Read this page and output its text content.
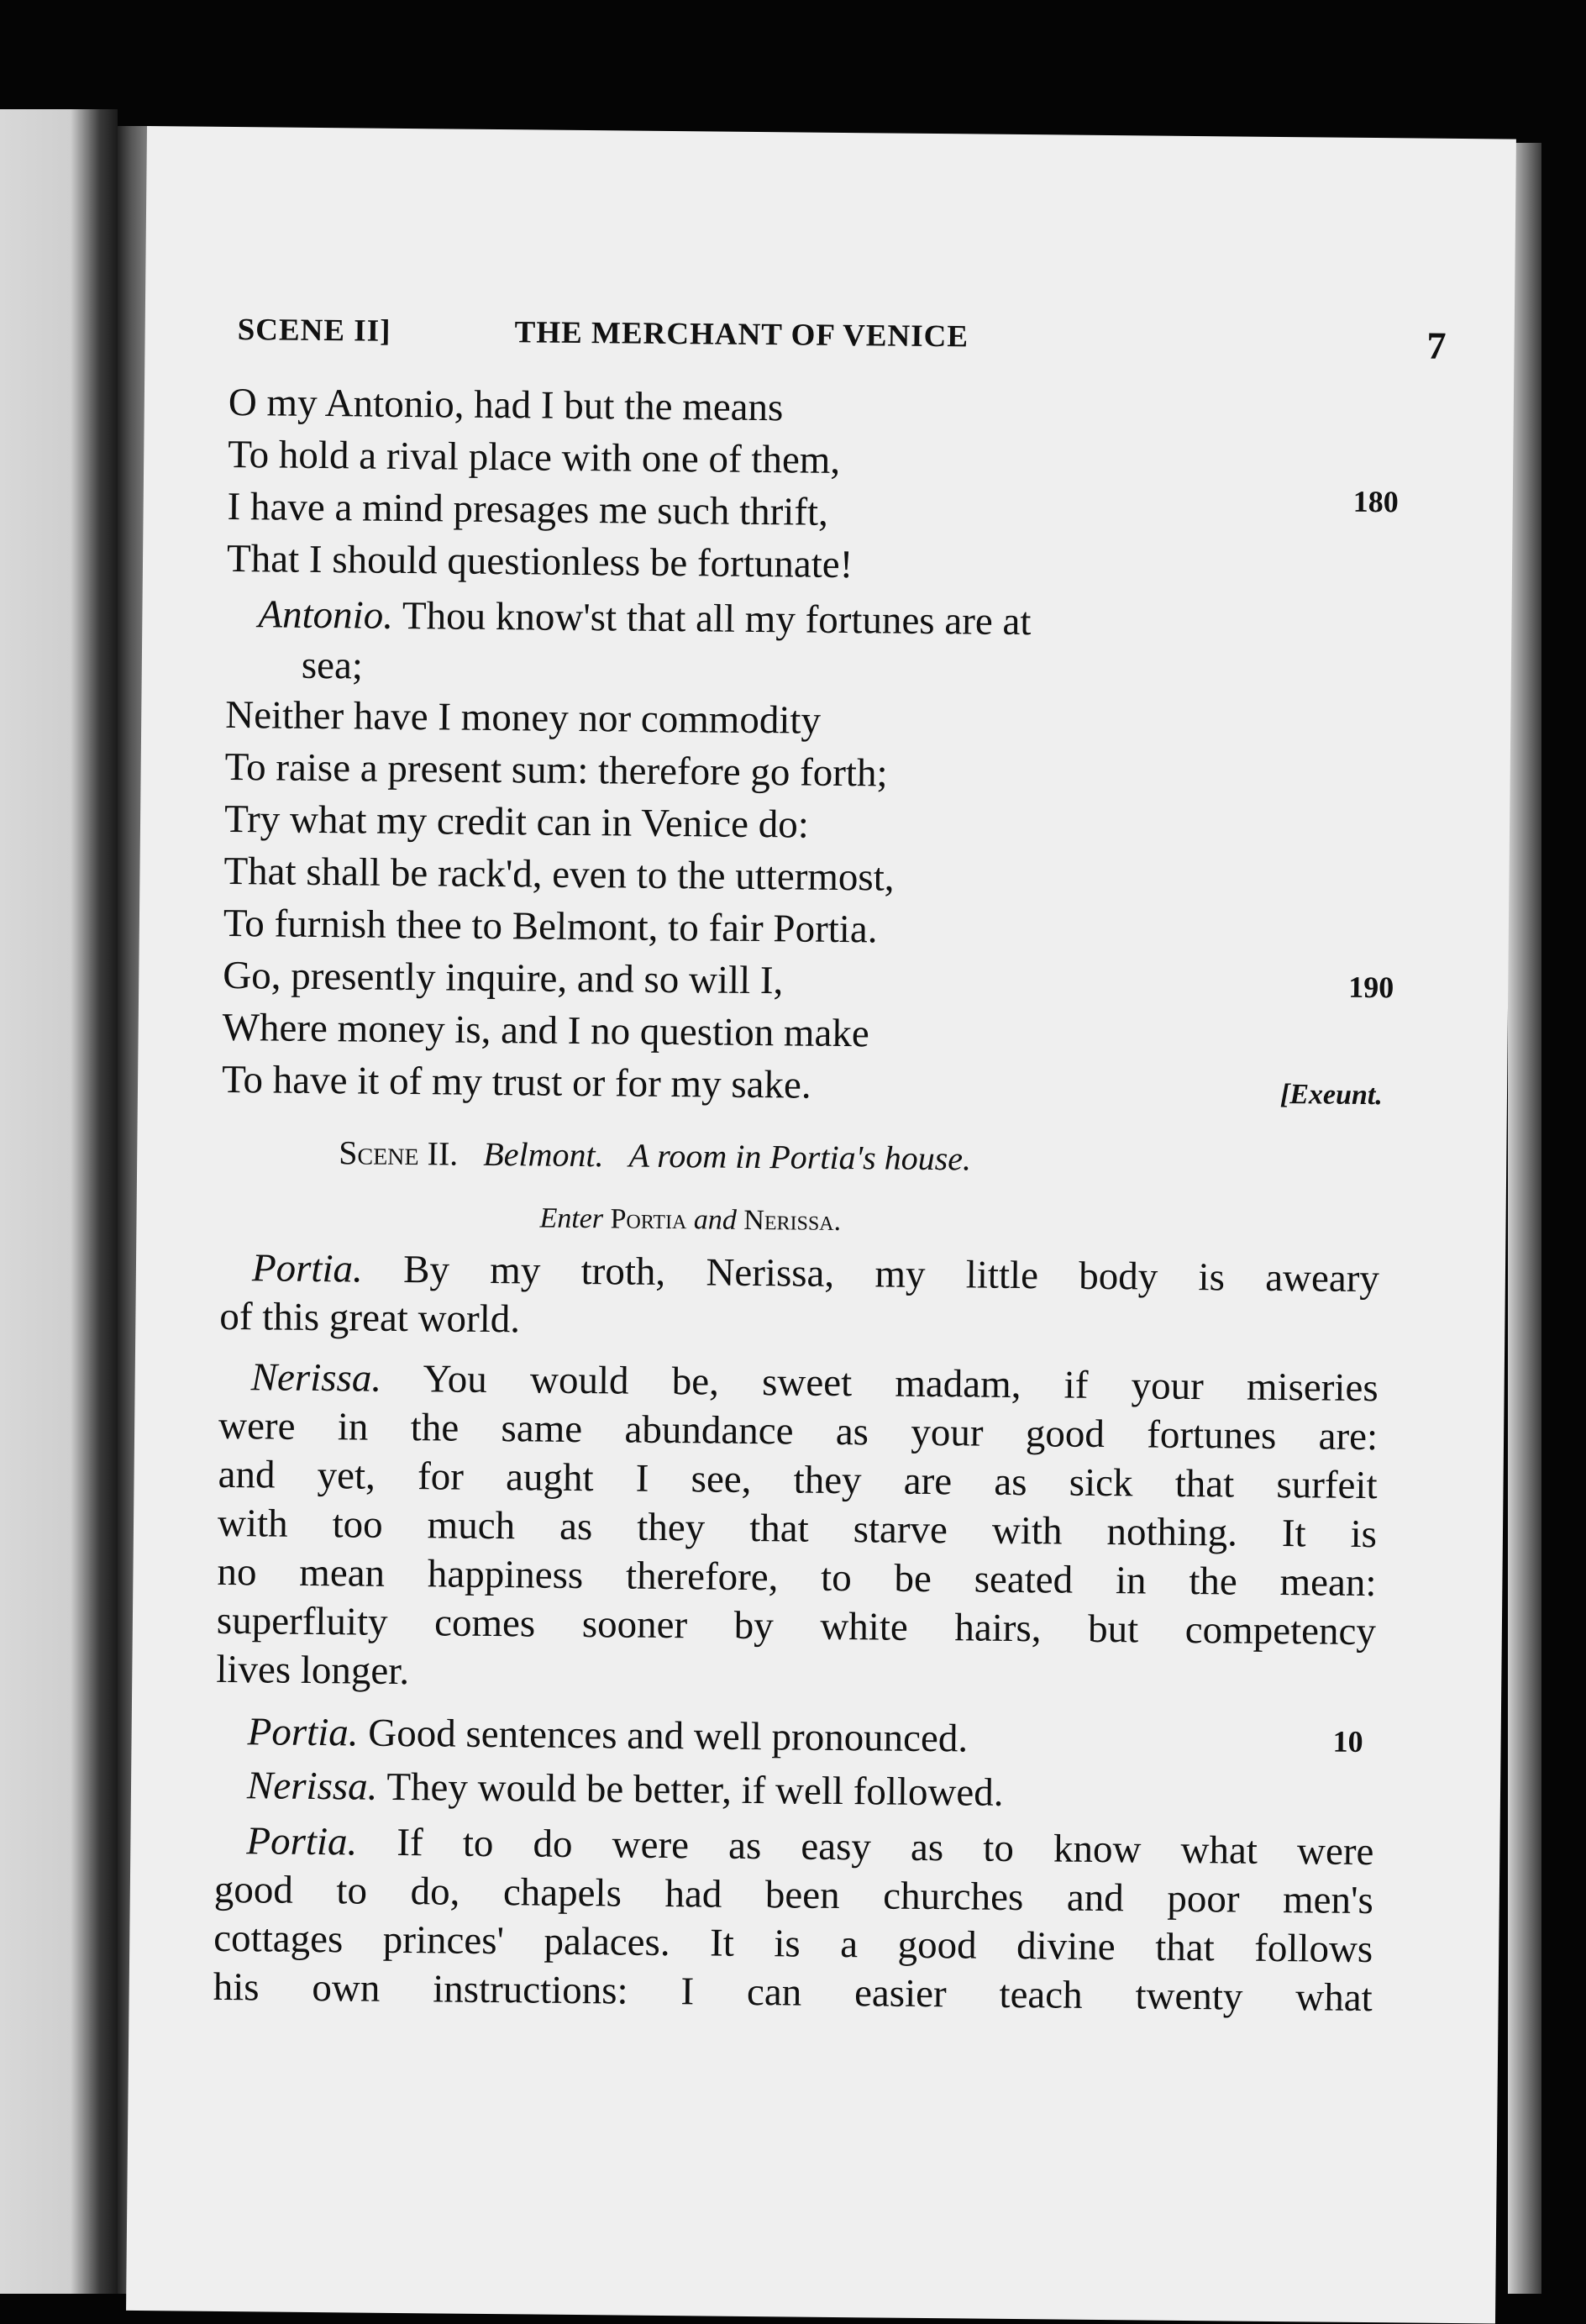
SCENE II]	THE MERCHANT OF VENICE	7
O my Antonio, had I but the means
To hold a rival place with one of them,
180
I have a mind presages me such thrift,
That I should questionless be fortunate!
Antonio. Thou know'st that all my fortunes are at
sea;
Neither have I money nor commodity
To raise a present sum: therefore go forth;
Try what my credit can in Venice do:
That shall be rack'd, even to the uttermost,
To furnish thee to Belmont, to fair Portia.
Go, presently inquire, and so will I,	190
Where money is, and I no question make
To have it of my trust or for my sake.	[Exeunt.
Scene II. Belmont. A room in Portia's house.
Enter Portia and Nerissa.
Portia. By my troth, Nerissa, my little body is aweary
of this great world.
Nerissa. You would be, sweet madam, if your miseries
were in the same abundance as your good fortunes are:
and yet, for aught I see, they are as sick that surfeit
with too much as they that starve with nothing. It is
no mean happiness therefore, to be seated in the mean:
superfluity comes sooner by white hairs, but competency
lives longer.
Portia. Good sentences and well pronounced.	10
Nerissa. They would be better, if well followed.
Portia. If to do were as easy as to know what were
good to do, chapels had been churches and poor men's
cottages princes' palaces. It is a good divine that follows
his own instructions: I can easier teach twenty what
